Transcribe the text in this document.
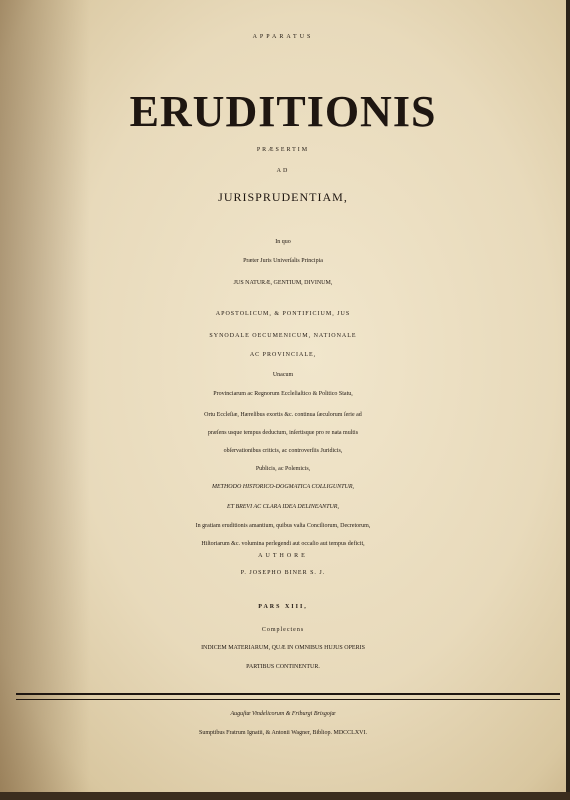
APPARATUS

ERUDITIONIS

PRÆSERTIM

AD

JURISPRUDENTIAM,

In quo

Præter Juris Univerſalis Principia

JUS NATURÆ, GENTIUM, DIVINUM,

APOSTOLICUM, & PONTIFICIUM, JUS

SYNODALE OECUMENICUM, NATIONALE

AC PROVINCIALE,

Unacum

Provinciarum ac Regnorum Eccleſiaſtico & Politico Statu,

Ortu Eccleſiæ, Hæreſibus exortis &c. continua ſæculorum ſerie ad

præſens usque tempus deductum, inſertisque pro re nata multis

obſervationibus criticis, ac controverſiis Juridicis,

Publicis, ac Polemicis,

METHODO HISTORICO-DOGMATICA COLLIGUNTUR,

ET BREVI AC CLARA IDEA DELINEANTUR,

In gratiam eruditionis amantium, quibus vaſta Conciliorum, Decretorum,

Hiſtoriarum &c. volumina perlegendi aut occaſio aut tempus deficit,

AUTHORE

P. JOSEPHO BINER S. J.

PARS XIII,

Complectens

INDICEM MATERIARUM, QUÆ IN OMNIBUS HUJUS OPERIS

PARTIBUS CONTINENTUR.

Auguſtæ Vindelicorum & Friburgi Brisgojæ

Sumptibus Fratrum Ignatii, & Antonii Wagner, Bibliop. MDCCLXVI.
